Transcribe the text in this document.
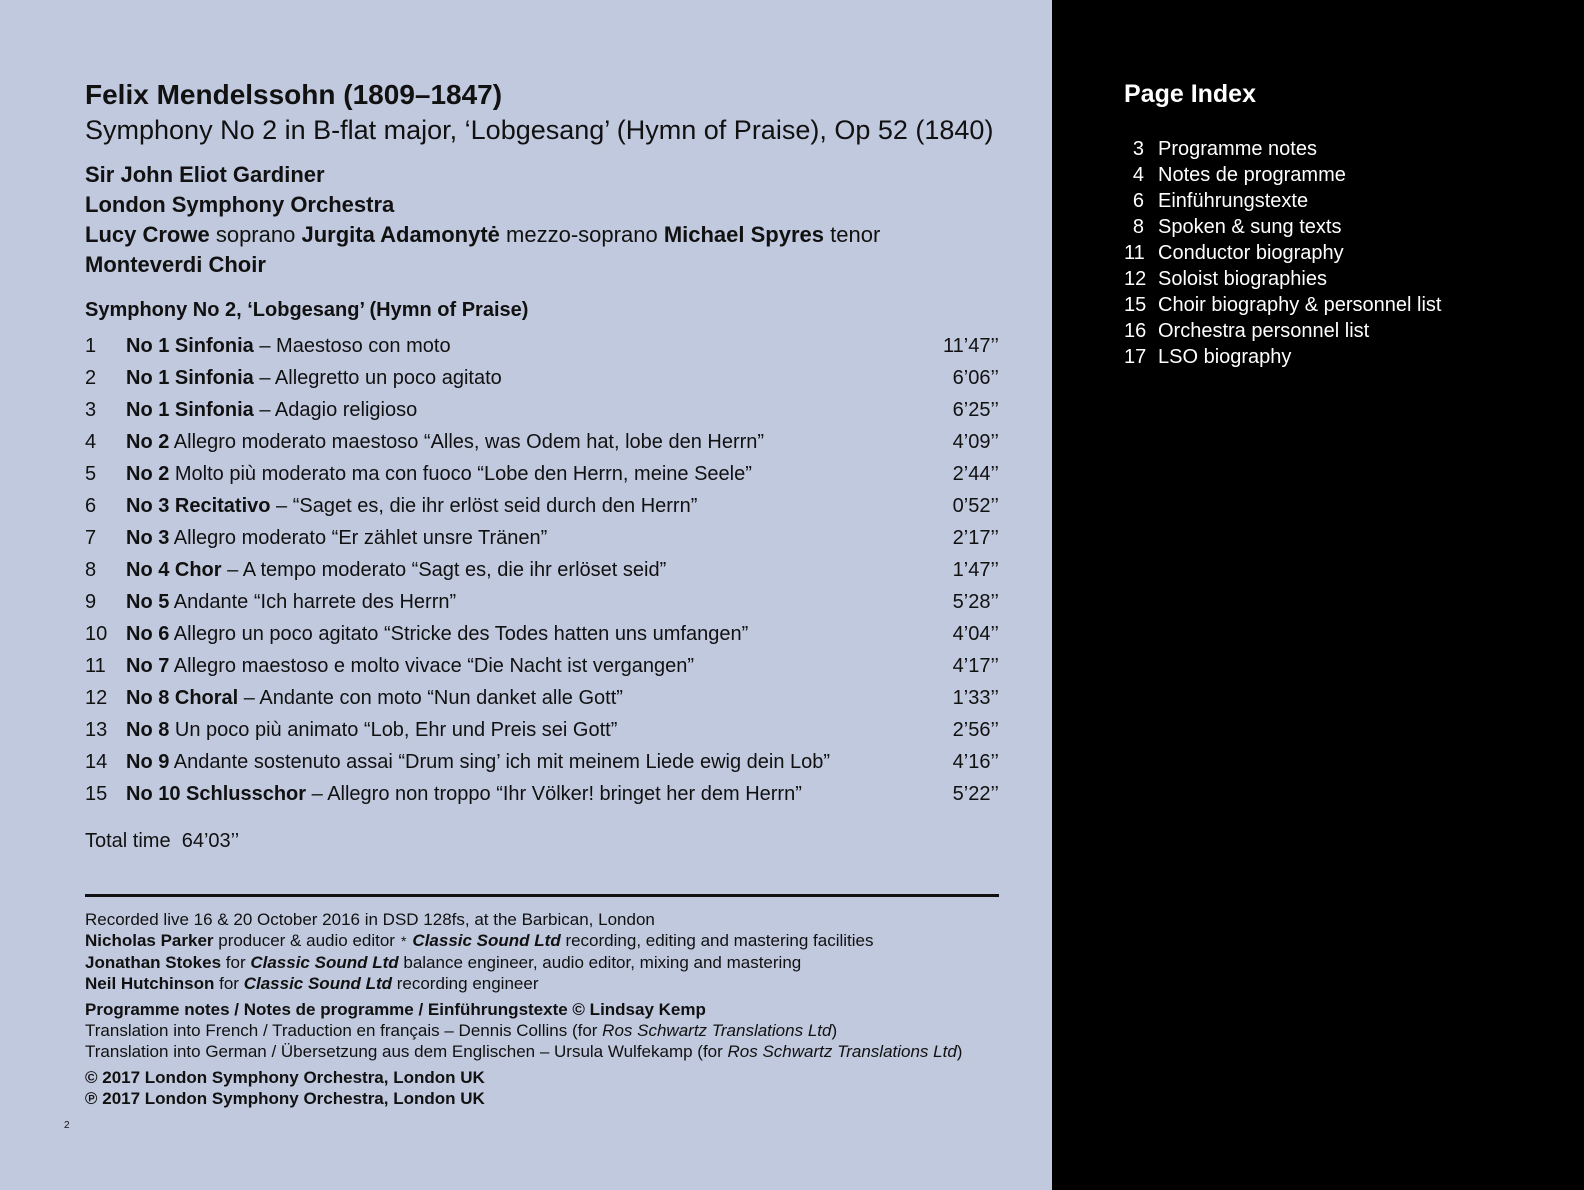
Felix Mendelssohn (1809–1847)
Symphony No 2 in B-flat major, ‘Lobgesang’ (Hymn of Praise), Op 52 (1840)
Sir John Eliot Gardiner
London Symphony Orchestra
Lucy Crowe soprano Jurgita Adamonytė mezzo-soprano Michael Spyres tenor
Monteverdi Choir
Symphony No 2, ‘Lobgesang’ (Hymn of Praise)
1 No 1 Sinfonia – Maestoso con moto	11’47’’
2 No 1 Sinfonia – Allegretto un poco agitato	6’06’’
3 No 1 Sinfonia – Adagio religioso	6’25’’
4 No 2 Allegro moderato maestoso “Alles, was Odem hat, lobe den Herrn”	4’09’’
5 No 2 Molto più moderato ma con fuoco “Lobe den Herrn, meine Seele”	2’44’’
6 No 3 Recitativo – “Saget es, die ihr erlöst seid durch den Herrn”	0’52’’
7 No 3 Allegro moderato “Er zählet unsre Tränen”	2’17’’
8 No 4 Chor – A tempo moderato “Sagt es, die ihr erlöset seid”	1’47’’
9 No 5 Andante “Ich harrete des Herrn”	5’28’’
10 No 6 Allegro un poco agitato “Stricke des Todes hatten uns umfangen”	4’04’’
11 No 7 Allegro maestoso e molto vivace “Die Nacht ist vergangen”	4’17’’
12 No 8 Choral – Andante con moto “Nun danket alle Gott”	1’33’’
13 No 8 Un poco più animato “Lob, Ehr und Preis sei Gott”	2’56’’
14 No 9 Andante sostenuto assai “Drum sing’ ich mit meinem Liede ewig dein Lob”	4’16’’
15 No 10 Schlusschor – Allegro non troppo “Ihr Völker! bringet her dem Herrn”	5’22’’
Total time 64’03’’
Recorded live 16 & 20 October 2016 in DSD 128fs, at the Barbican, London
Nicholas Parker producer & audio editor * Classic Sound Ltd recording, editing and mastering facilities
Jonathan Stokes for Classic Sound Ltd balance engineer, audio editor, mixing and mastering
Neil Hutchinson for Classic Sound Ltd recording engineer
Programme notes / Notes de programme / Einführungstexte © Lindsay Kemp
Translation into French / Traduction en français – Dennis Collins (for Ros Schwartz Translations Ltd)
Translation into German / Übersetzung aus dem Englischen – Ursula Wulfekamp (for Ros Schwartz Translations Ltd)
© 2017 London Symphony Orchestra, London UK
℗ 2017 London Symphony Orchestra, London UK
2
Page Index
3 Programme notes
4 Notes de programme
6 Einführungstexte
8 Spoken & sung texts
11 Conductor biography
12 Soloist biographies
15 Choir biography & personnel list
16 Orchestra personnel list
17 LSO biography
